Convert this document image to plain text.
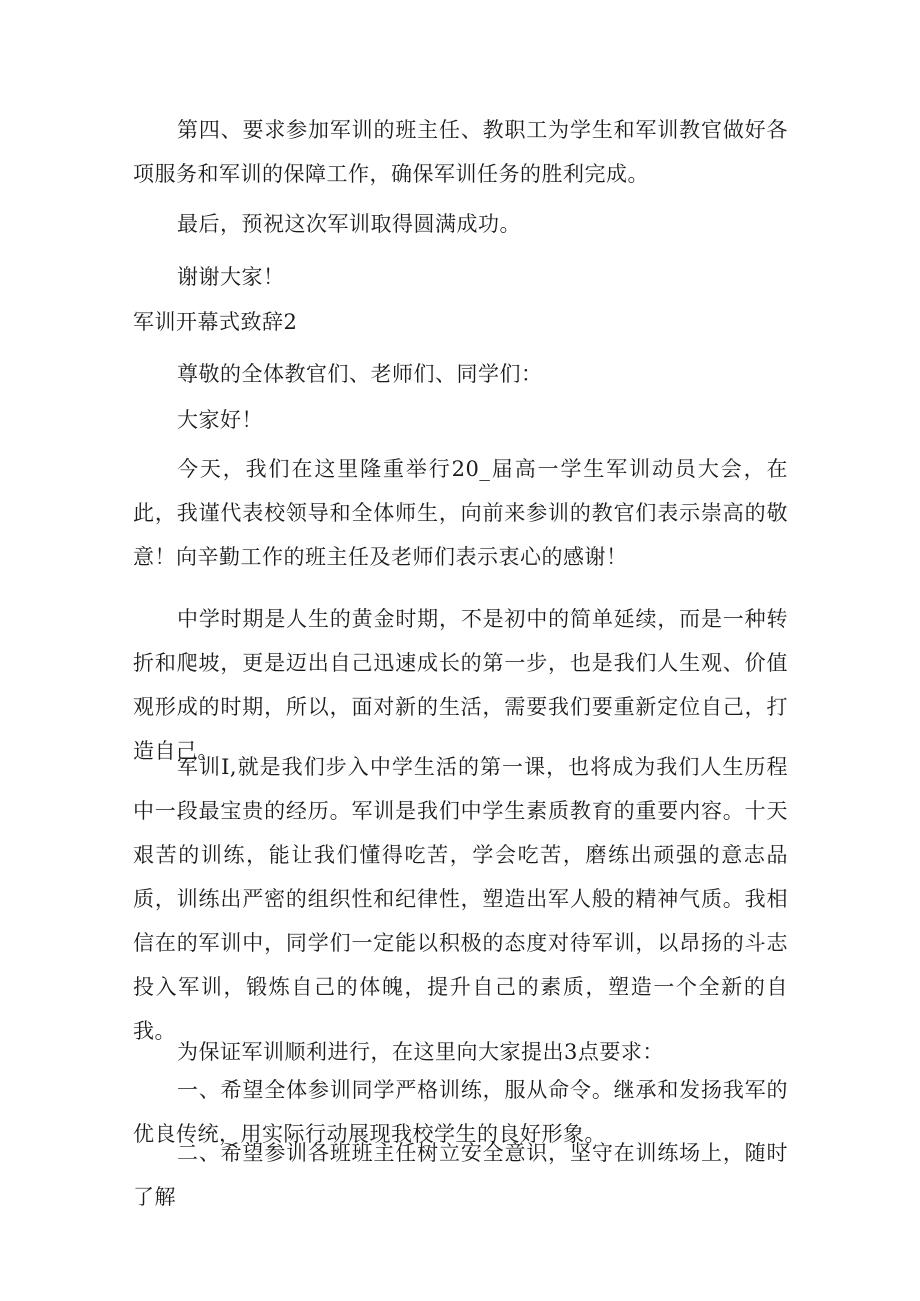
第四、要求参加军训的班主任、教职工为学生和军训教官做好各项服务和军训的保障工作，确保军训任务的胜利完成。

最后，预祝这次军训取得圆满成功。

谢谢大家！

军训开幕式致辞2

尊敬的全体教官们、老师们、同学们：

大家好！

今天，我们在这里隆重举行20_届高一学生军训动员大会，在此，我谨代表校领导和全体师生，向前来参训的教官们表示崇高的敬意！向辛勤工作的班主任及老师们表示衷心的感谢！

中学时期是人生的黄金时期，不是初中的简单延续，而是一种转折和爬坡，更是迈出自己迅速成长的第一步，也是我们人生观、价值观形成的时期，所以，面对新的生活，需要我们要重新定位自己，打造自己。

军训I,就是我们步入中学生活的第一课，也将成为我们人生历程中一段最宝贵的经历。军训是我们中学生素质教育的重要内容。十天艰苦的训练，能让我们懂得吃苦，学会吃苦，磨练出顽强的意志品质，训练出严密的组织性和纪律性，塑造出军人般的精神气质。我相信在的军训中，同学们一定能以积极的态度对待军训，以昂扬的斗志投入军训，锻炼自己的体魄，提升自己的素质，塑造一个全新的自我。

为保证军训顺利进行，在这里向大家提出3点要求：

一、希望全体参训同学严格训练，服从命令。继承和发扬我军的优良传统，用实际行动展现我校学生的良好形象。

二、希望参训各班班主任树立安全意识，坚守在训练场上，随时了解
